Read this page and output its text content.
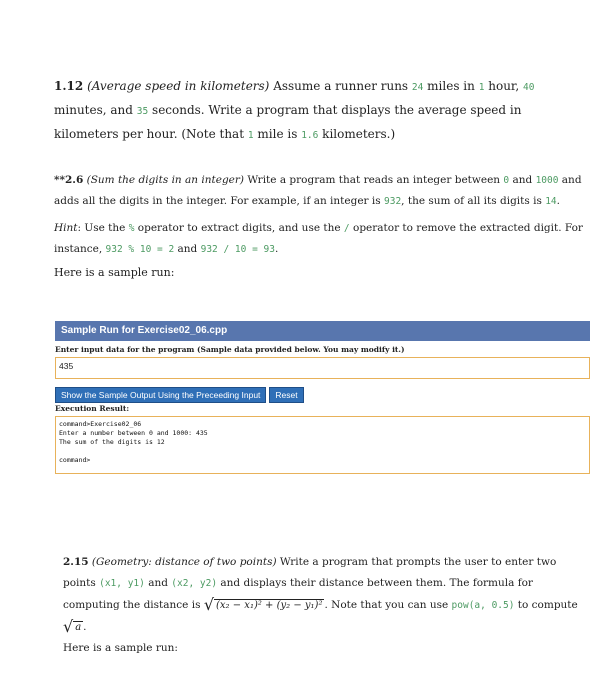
1.12 (Average speed in kilometers) Assume a runner runs 24 miles in 1 hour, 40 minutes, and 35 seconds. Write a program that displays the average speed in kilometers per hour. (Note that 1 mile is 1.6 kilometers.)
**2.6 (Sum the digits in an integer) Write a program that reads an integer between 0 and 1000 and adds all the digits in the integer. For example, if an integer is 932, the sum of all its digits is 14.
Hint: Use the % operator to extract digits, and use the / operator to remove the extracted digit. For instance, 932 % 10 = 2 and 932 / 10 = 93.
Here is a sample run:
Sample Run for Exercise02_06.cpp
Enter input data for the program (Sample data provided below. You may modify it.)
435
Show the Sample Output Using the Preceeding Input Reset
Execution Result:
command>Exercise02_06
Enter a number between 0 and 1000: 435
The sum of the digits is 12

command>
2.15 (Geometry: distance of two points) Write a program that prompts the user to enter two points (x1, y1) and (x2, y2) and displays their distance between them. The formula for computing the distance is √ (x₂ − x₁)² + (y₂ − y₁)² . Note that you can use pow(a, 0.5) to compute √ a .
Here is a sample run:
